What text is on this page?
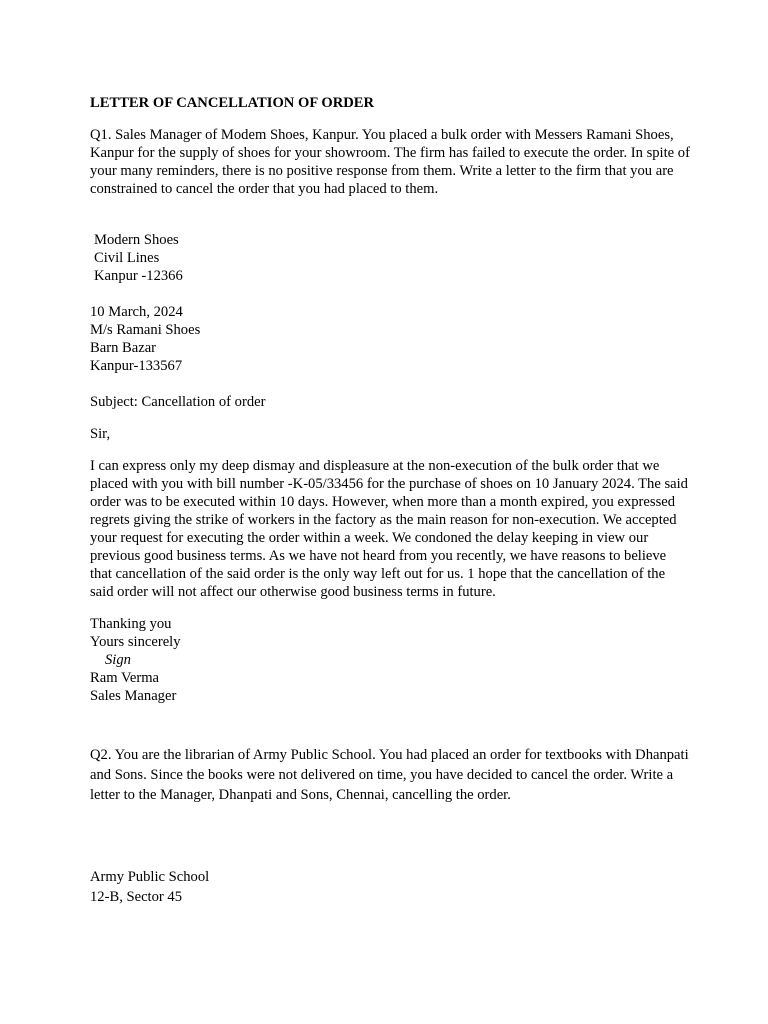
LETTER OF CANCELLATION OF ORDER

Q1. Sales Manager of Modem Shoes, Kanpur. You placed a bulk order with Messers Ramani Shoes, Kanpur for the supply of shoes for your showroom. The firm has failed to execute the order. In spite of your many reminders, there is no positive response from them. Write a letter to the firm that you are constrained to cancel the order that you had placed to them.

Modern Shoes
Civil Lines
Kanpur -12366
10 March, 2024
M/s Ramani Shoes
Barn Bazar
Kanpur-133567

Subject: Cancellation of order

Sir,

I can express only my deep dismay and displeasure at the non-execution of the bulk order that we placed with you with bill number -K-05/33456 for the purchase of shoes on 10 January 2024. The said order was to be executed within 10 days. However, when more than a month expired, you expressed regrets giving the strike of workers in the factory as the main reason for non-execution. We accepted your request for executing the order within a week. We condoned the delay keeping in view our previous good business terms. As we have not heard from you recently, we have reasons to believe that cancellation of the said order is the only way left out for us. 1 hope that the cancellation of the said order will not affect our otherwise good business terms in future.

Thanking you
Yours sincerely
Sign
Ram Verma
Sales Manager

Q2. You are the librarian of Army Public School. You had placed an order for textbooks with Dhanpati and Sons. Since the books were not delivered on time, you have decided to cancel the order. Write a letter to the Manager, Dhanpati and Sons, Chennai, cancelling the order.

Army Public School
12-B, Sector 45
